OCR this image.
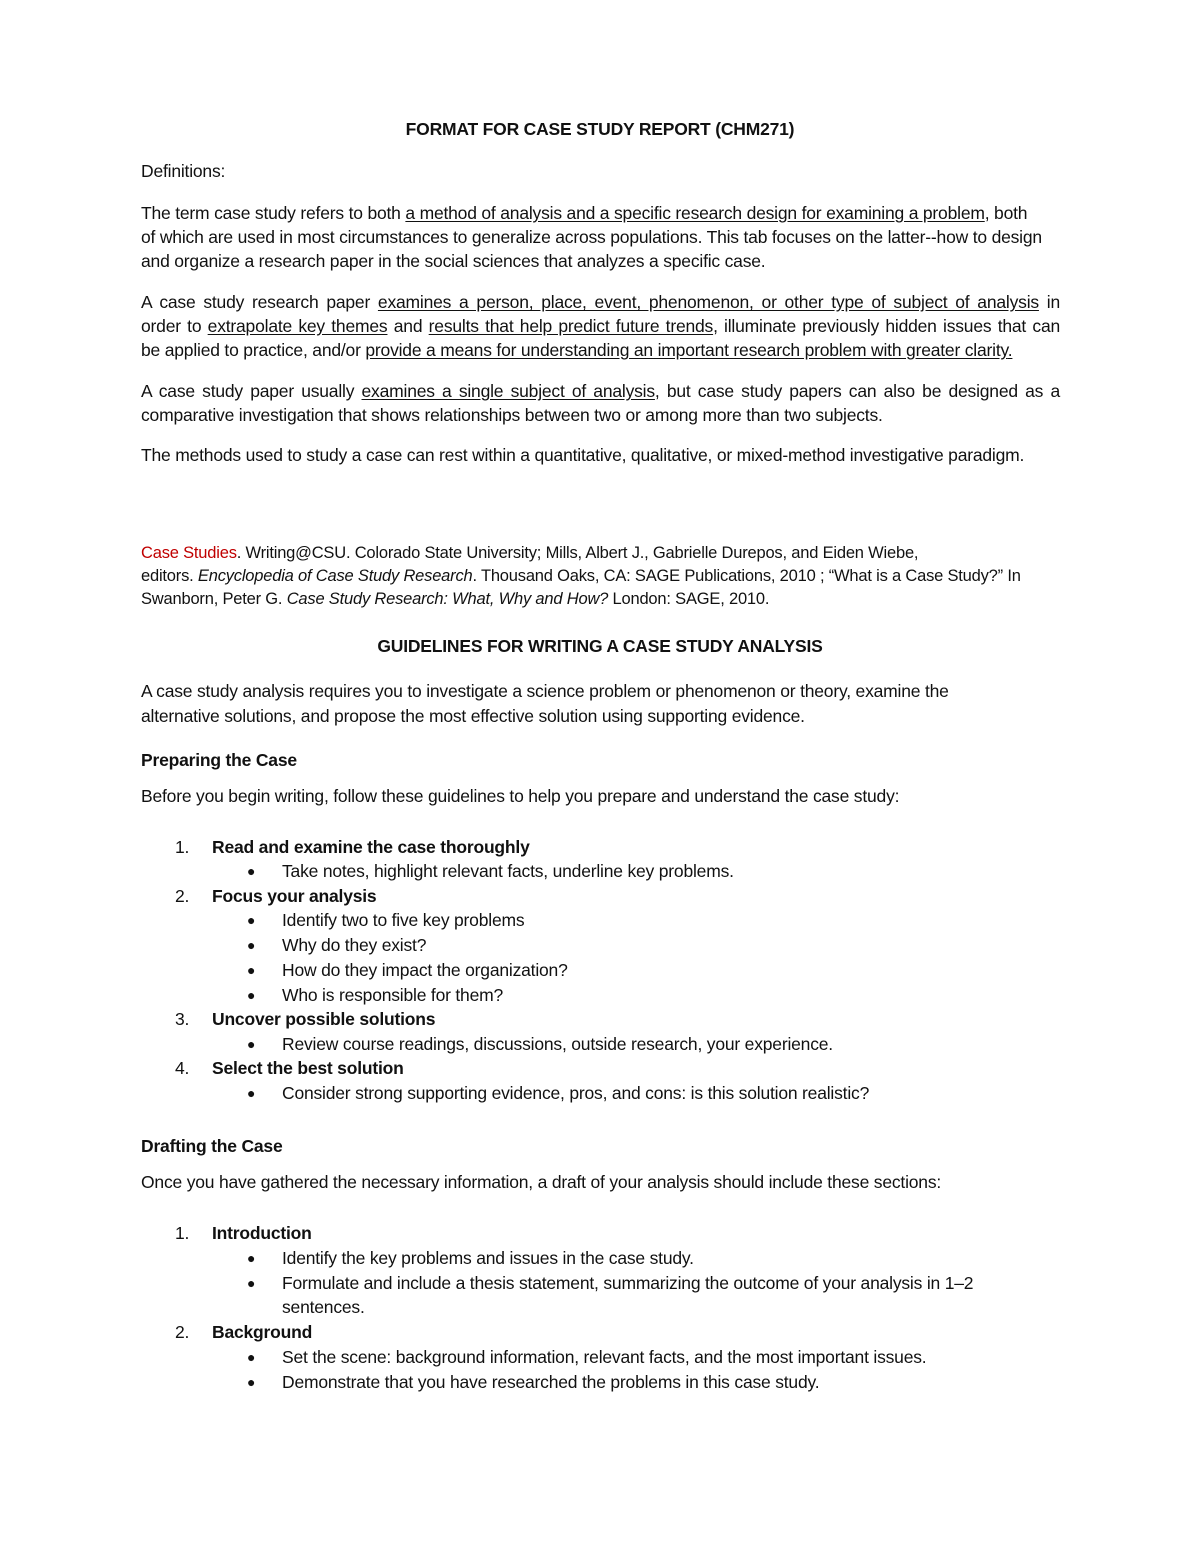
FORMAT FOR CASE STUDY REPORT (CHM271)
Definitions:
The term case study refers to both a method of analysis and a specific research design for examining a problem, both
of which are used in most circumstances to generalize across populations. This tab focuses on the latter--how to design
and organize a research paper in the social sciences that analyzes a specific case.
A case study research paper examines a person, place, event, phenomenon, or other type of subject of analysis in
order to extrapolate key themes and results that help predict future trends, illuminate previously hidden issues that can
be applied to practice, and/or provide a means for understanding an important research problem with greater clarity.
A case study paper usually examines a single subject of analysis, but case study papers can also be designed as a
comparative investigation that shows relationships between two or among more than two subjects.
The methods used to study a case can rest within a quantitative, qualitative, or mixed-method investigative paradigm.
Case Studies. Writing@CSU. Colorado State University; Mills, Albert J., Gabrielle Durepos, and Eiden Wiebe,
editors. Encyclopedia of Case Study Research. Thousand Oaks, CA: SAGE Publications, 2010 ; “What is a Case Study?” In
Swanborn, Peter G. Case Study Research: What, Why and How? London: SAGE, 2010.
GUIDELINES FOR WRITING A CASE STUDY ANALYSIS
A case study analysis requires you to investigate a science problem or phenomenon or theory, examine the
alternative solutions, and propose the most effective solution using supporting evidence.
Preparing the Case
Before you begin writing, follow these guidelines to help you prepare and understand the case study:
1. Read and examine the case thoroughly
● Take notes, highlight relevant facts, underline key problems.
2. Focus your analysis
● Identify two to five key problems
● Why do they exist?
● How do they impact the organization?
● Who is responsible for them?
3. Uncover possible solutions
● Review course readings, discussions, outside research, your experience.
4. Select the best solution
● Consider strong supporting evidence, pros, and cons: is this solution realistic?
Drafting the Case
Once you have gathered the necessary information, a draft of your analysis should include these sections:
1. Introduction
● Identify the key problems and issues in the case study.
● Formulate and include a thesis statement, summarizing the outcome of your analysis in 1–2
sentences.
2. Background
● Set the scene: background information, relevant facts, and the most important issues.
● Demonstrate that you have researched the problems in this case study.
